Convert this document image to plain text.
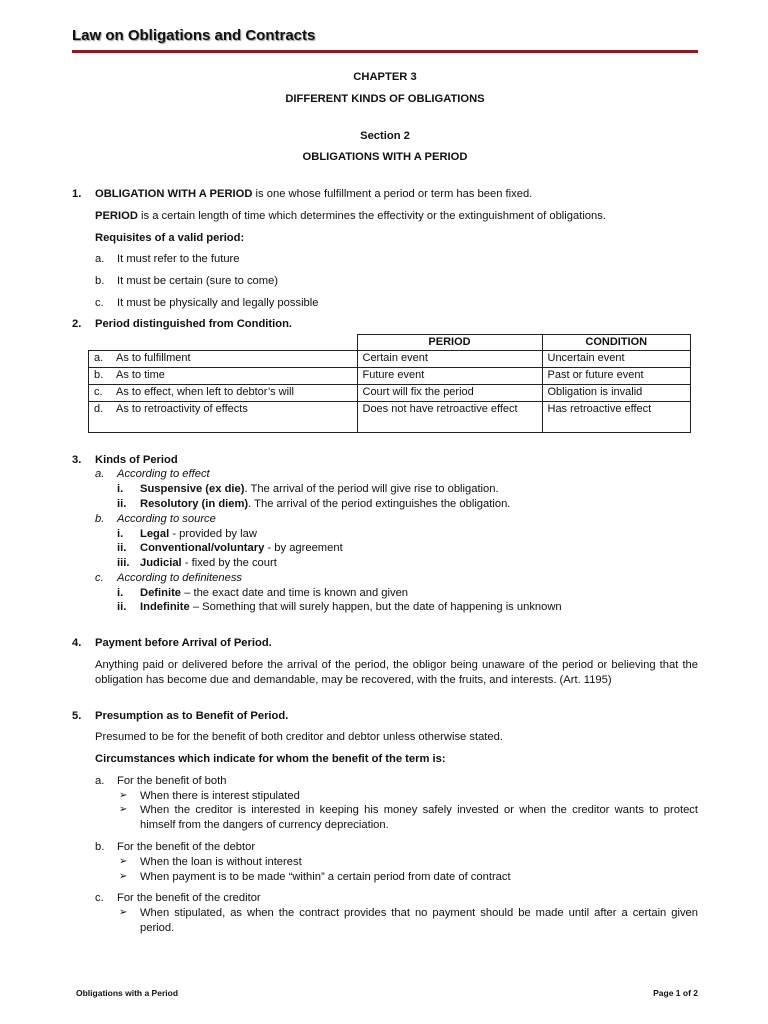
Law on Obligations and Contracts

CHAPTER 3

DIFFERENT KINDS OF OBLIGATIONS

Section 2

OBLIGATIONS WITH A PERIOD

1. OBLIGATION WITH A PERIOD is one whose fulfillment a period or term has been fixed.

PERIOD is a certain length of time which determines the effectivity or the extinguishment of obligations.

Requisites of a valid period:

a. It must refer to the future
b. It must be certain (sure to come)
c. It must be physically and legally possible
2. Period distinguished from Condition.

	PERIOD	CONDITION
a. As to fulfillment	Certain event	Uncertain event
b. As to time	Future event	Past or future event
c. As to effect, when left to debtor’s will	Court will fix the period	Obligation is invalid
d. As to retroactivity of effects	Does not have retroactive effect	Has retroactive effect
3. Kinds of Period

a. According to effect
i. Suspensive (ex die). The arrival of the period will give rise to obligation.
ii. Resolutory (in diem). The arrival of the period extinguishes the obligation.
b. According to source
i. Legal - provided by law
ii. Conventional/voluntary - by agreement
iii. Judicial - fixed by the court
c. According to definiteness
i. Definite – the exact date and time is known and given
ii. Indefinite – Something that will surely happen, but the date of happening is unknown
4. Payment before Arrival of Period.

Anything paid or delivered before the arrival of the period, the obligor being unaware of the period or believing that the obligation has become due and demandable, may be recovered, with the fruits, and interests. (Art. 1195)

5. Presumption as to Benefit of Period.

Presumed to be for the benefit of both creditor and debtor unless otherwise stated.

Circumstances which indicate for whom the benefit of the term is:

a. For the benefit of both
➢ When there is interest stipulated
➢ When the creditor is interested in keeping his money safely invested or when the creditor wants to protect himself from the dangers of currency depreciation.
b. For the benefit of the debtor
➢ When the loan is without interest
➢ When payment is to be made “within” a certain period from date of contract
c. For the benefit of the creditor
➢ When stipulated, as when the contract provides that no payment should be made until after a certain given period.
Obligations with a Period	Page 1 of 2
